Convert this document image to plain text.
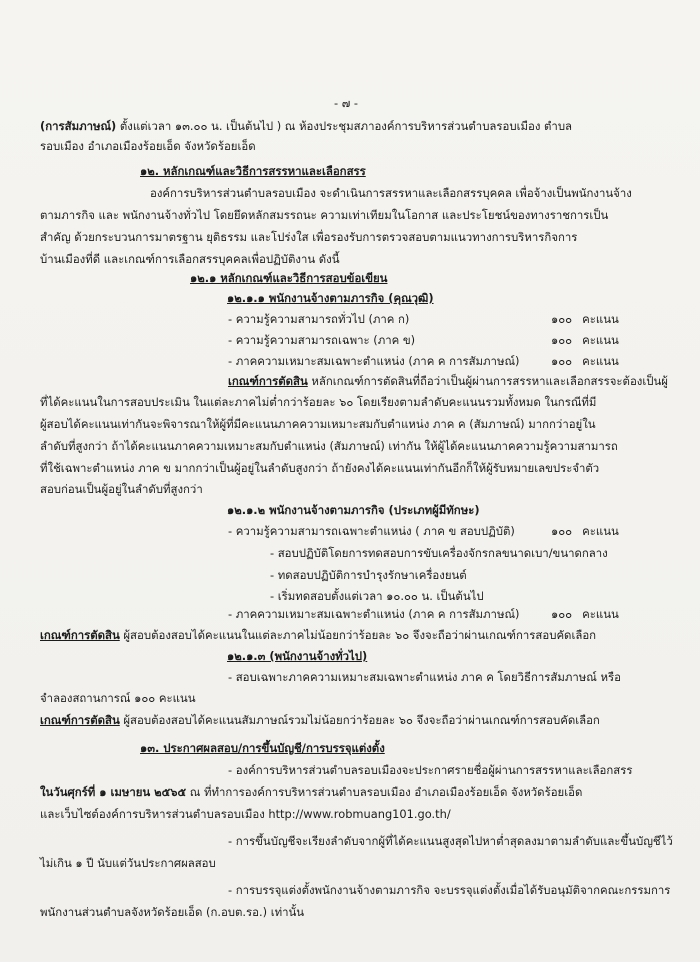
- ๗ -
(การสัมภาษณ์) ตั้งแต่เวลา ๑๓.๐๐ น. เป็นต้นไป ) ณ ห้องประชุมสภาองค์การบริหารส่วนตำบลรอบเมือง ตำบล
รอบเมือง อำเภอเมืองร้อยเอ็ด จังหวัดร้อยเอ็ด
๑๒. หลักเกณฑ์และวิธีการสรรหาและเลือกสรร
องค์การบริหารส่วนตำบลรอบเมือง จะดำเนินการสรรหาและเลือกสรรบุคคล เพื่อจ้างเป็นพนักงานจ้าง
ตามภารกิจ และ พนักงานจ้างทั่วไป โดยยึดหลักสมรรถนะ ความเท่าเทียมในโอกาส และประโยชน์ของทางราชการเป็น
สำคัญ ด้วยกระบวนการมาตรฐาน ยุติธรรม และโปร่งใส เพื่อรองรับการตรวจสอบตามแนวทางการบริหารกิจการ
บ้านเมืองที่ดี และเกณฑ์การเลือกสรรบุคคลเพื่อปฏิบัติงาน ดังนี้
๑๒.๑ หลักเกณฑ์และวิธีการสอบข้อเขียน
๑๒.๑.๑ พนักงานจ้างตามภารกิจ (คุณวุฒิ)
- ความรู้ความสามารถทั่วไป (ภาค ก)	๑๐๐ คะแนน
- ความรู้ความสามารถเฉพาะ (ภาค ข)	๑๐๐ คะแนน
- ภาคความเหมาะสมเฉพาะตำแหน่ง (ภาค ค การสัมภาษณ์)	๑๐๐ คะแนน
เกณฑ์การตัดสิน หลักเกณฑ์การตัดสินที่ถือว่าเป็นผู้ผ่านการสรรหาและเลือกสรรจะต้องเป็นผู้
ที่ได้คะแนนในการสอบประเมิน ในแต่ละภาคไม่ต่ำกว่าร้อยละ ๖๐ โดยเรียงตามลำดับคะแนนรวมทั้งหมด ในกรณีที่มี
ผู้สอบได้คะแนนเท่ากันจะพิจารณาให้ผู้ที่มีคะแนนภาคความเหมาะสมกับตำแหน่ง ภาค ค (สัมภาษณ์) มากกว่าอยู่ใน
ลำดับที่สูงกว่า ถ้าได้คะแนนภาคความเหมาะสมกับตำแหน่ง (สัมภาษณ์) เท่ากัน ให้ผู้ได้คะแนนภาคความรู้ความสามารถ
ที่ใช้เฉพาะตำแหน่ง ภาค ข มากกว่าเป็นผู้อยู่ในลำดับสูงกว่า ถ้ายังคงได้คะแนนเท่ากันอีกก็ให้ผู้รับหมายเลขประจำตัว
สอบก่อนเป็นผู้อยู่ในลำดับที่สูงกว่า
๑๒.๑.๒ พนักงานจ้างตามภารกิจ (ประเภทผู้มีทักษะ)
- ความรู้ความสามารถเฉพาะตำแหน่ง ( ภาค ข สอบปฏิบัติ)	๑๐๐ คะแนน
- สอบปฏิบัติโดยการทดสอบการขับเครื่องจักรกลขนาดเบา/ขนาดกลาง
- ทดสอบปฏิบัติการบำรุงรักษาเครื่องยนต์
- เริ่มทดสอบตั้งแต่เวลา ๑๐.๐๐ น. เป็นต้นไป
- ภาคความเหมาะสมเฉพาะตำแหน่ง (ภาค ค การสัมภาษณ์)	๑๐๐ คะแนน
เกณฑ์การตัดสิน ผู้สอบต้องสอบได้คะแนนในแต่ละภาคไม่น้อยกว่าร้อยละ ๖๐ จึงจะถือว่าผ่านเกณฑ์การสอบคัดเลือก
๑๒.๑.๓ (พนักงานจ้างทั่วไป)
- สอบเฉพาะภาคความเหมาะสมเฉพาะตำแหน่ง ภาค ค โดยวิธีการสัมภาษณ์ หรือ
จำลองสถานการณ์ ๑๐๐ คะแนน
เกณฑ์การตัดสิน ผู้สอบต้องสอบได้คะแนนสัมภาษณ์รวมไม่น้อยกว่าร้อยละ ๖๐ จึงจะถือว่าผ่านเกณฑ์การสอบคัดเลือก
๑๓. ประกาศผลสอบ/การขึ้นบัญชี/การบรรจุแต่งตั้ง
- องค์การบริหารส่วนตำบลรอบเมืองจะประกาศรายชื่อผู้ผ่านการสรรหาและเลือกสรร
ในวันศุกร์ที่ ๑ เมษายน ๒๕๖๕ ณ ที่ทำการองค์การบริหารส่วนตำบลรอบเมือง อำเภอเมืองร้อยเอ็ด จังหวัดร้อยเอ็ด
และเว็บไซต์องค์การบริหารส่วนตำบลรอบเมือง http://www.robmuang101.go.th/
- การขึ้นบัญชีจะเรียงลำดับจากผู้ที่ได้คะแนนสูงสุดไปหาต่ำสุดลงมาตามลำดับและขึ้นบัญชีไว้
ไม่เกิน ๑ ปี นับแต่วันประกาศผลสอบ
- การบรรจุแต่งตั้งพนักงานจ้างตามภารกิจ จะบรรจุแต่งตั้งเมื่อได้รับอนุมัติจากคณะกรรมการ
พนักงานส่วนตำบลจังหวัดร้อยเอ็ด (ก.อบต.รอ.) เท่านั้น
